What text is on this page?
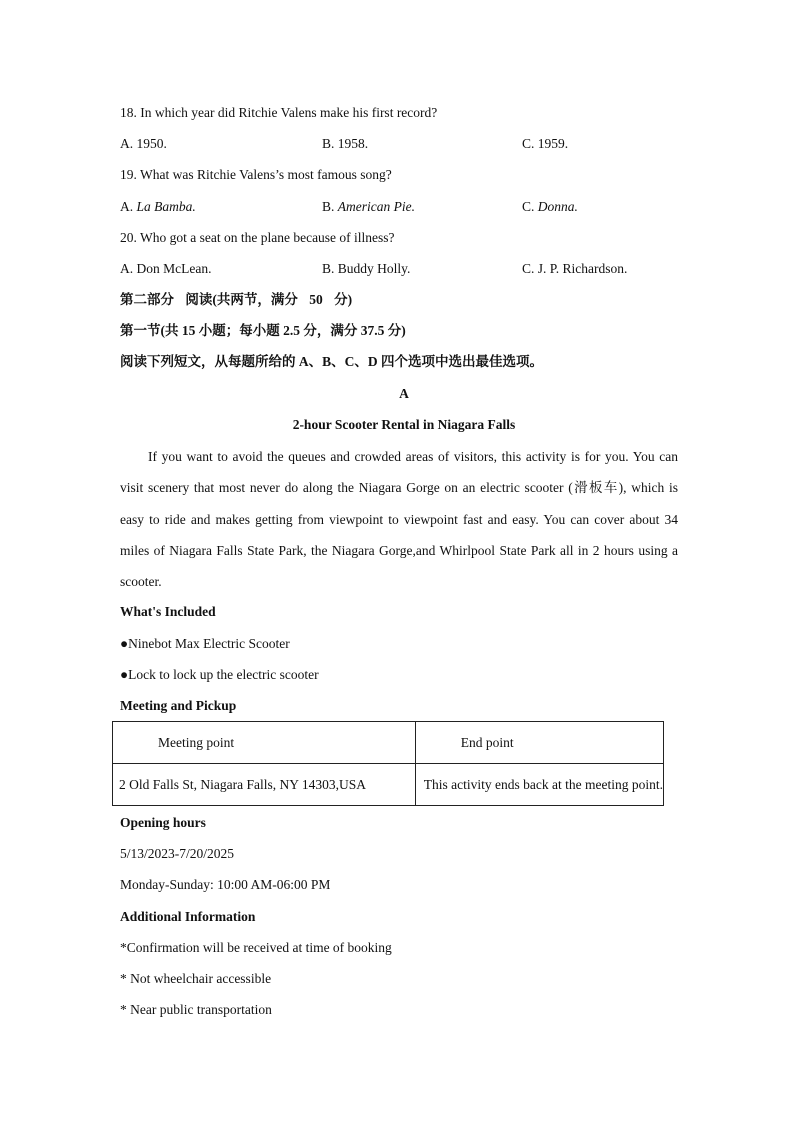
18. In which year did Ritchie Valens make his first record?
A. 1950.	B. 1958.	C. 1959.
19. What was Ritchie Valens’s most famous song?
A. La Bamba.	B. American Pie.	C. Donna.
20. Who got a seat on the plane because of illness?
A. Don McLean.	B. Buddy Holly.	C. J. P. Richardson.
第二部分 阅读(共两节，满分 50 分)
第一节(共 15 小题；每小题 2.5 分，满分 37.5 分)
阅读下列短文，从每题所给的 A、B、C、D 四个选项中选出最佳选项。
A
2-hour Scooter Rental in Niagara Falls
If you want to avoid the queues and crowded areas of visitors, this activity is for you. You can visit scenery that most never do along the Niagara Gorge on an electric scooter (滑板车), which is easy to ride and makes getting from viewpoint to viewpoint fast and easy. You can cover about 34 miles of Niagara Falls State Park, the Niagara Gorge,and Whirlpool State Park all in 2 hours using a scooter.
What's Included
●Ninebot Max Electric Scooter
●Lock to lock up the electric scooter
Meeting and Pickup
Meeting point	End point
2 Old Falls St, Niagara Falls, NY 14303,USA	This activity ends back at the meeting point.
Opening hours
5/13/2023-7/20/2025
Monday-Sunday: 10:00 AM-06:00 PM
Additional Information
*Confirmation will be received at time of booking
* Not wheelchair accessible
* Near public transportation
